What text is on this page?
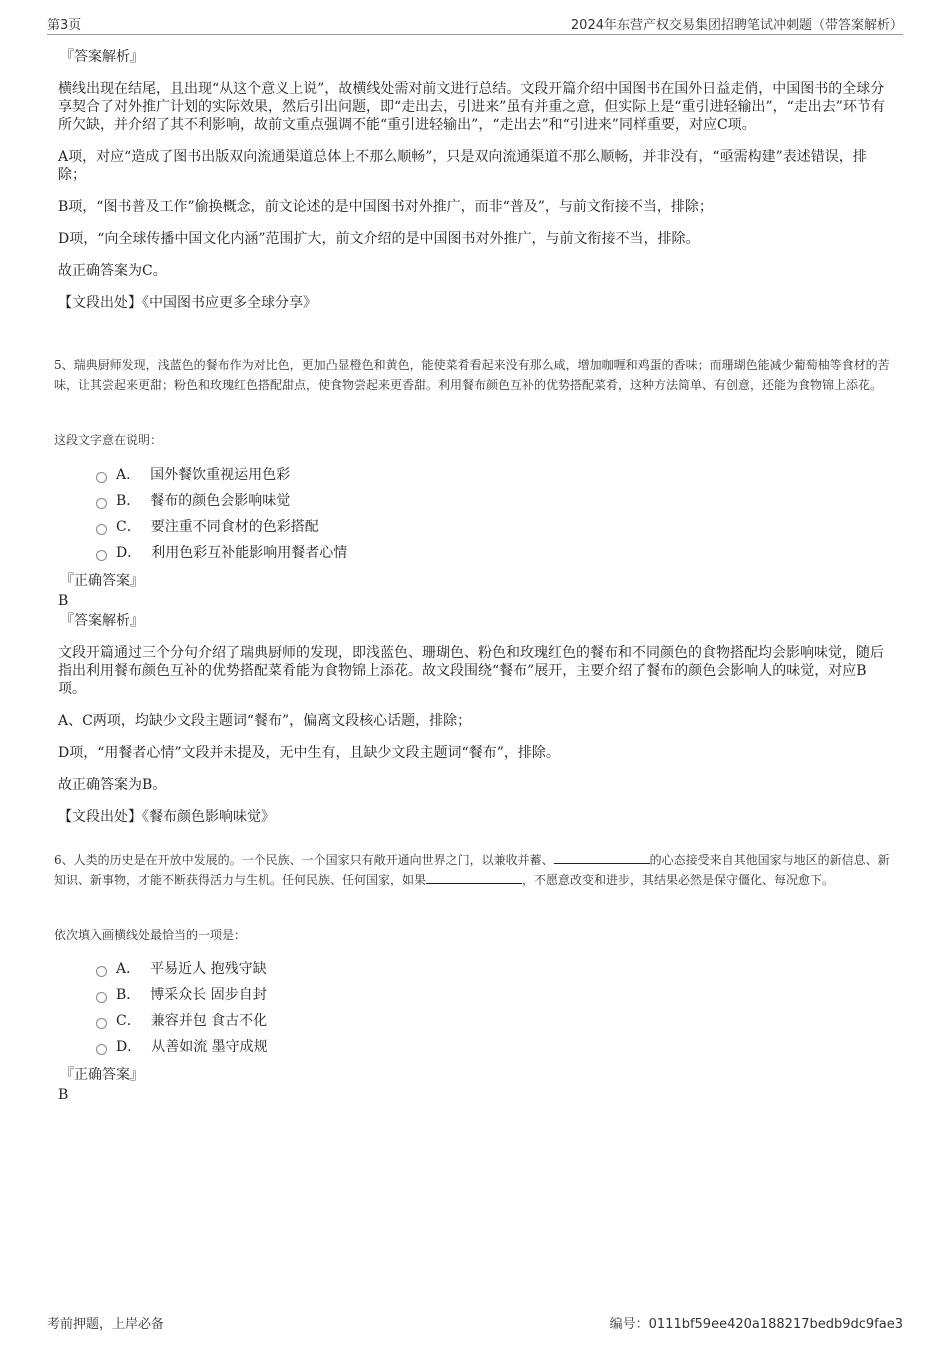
第3页	2024年东营产权交易集团招聘笔试冲刺题（带答案解析）

『答案解析』

横线出现在结尾，且出现“从这个意义上说”，故横线处需对前文进行总结。文段开篇介绍中国图书在国外日益走俏，中国图书的全球分享契合了对外推广计划的实际效果，然后引出问题，即“走出去，引进来”虽有并重之意，但实际上是“重引进轻输出”，“走出去”环节有所欠缺，并介绍了其不利影响，故前文重点强调不能“重引进轻输出”，“走出去”和“引进来”同样重要，对应C项。

A项，对应“造成了图书出版双向流通渠道总体上不那么顺畅”，只是双向流通渠道不那么顺畅，并非没有，“亟需构建”表述错误，排除；

B项，“图书普及工作”偷换概念，前文论述的是中国图书对外推广，而非“普及”，与前文衔接不当，排除；

D项，“向全球传播中国文化内涵”范围扩大，前文介绍的是中国图书对外推广，与前文衔接不当，排除。

故正确答案为C。

【文段出处】《中国图书应更多全球分享》

5、瑞典厨师发现，浅蓝色的餐布作为对比色，更加凸显橙色和黄色，能使菜肴看起来没有那么咸，增加咖喱和鸡蛋的香味；而珊瑚色能减少葡萄柚等食材的苦味，让其尝起来更甜；粉色和玫瑰红色搭配甜点，使食物尝起来更香甜。利用餐布颜色互补的优势搭配菜肴，这种方法简单、有创意，还能为食物锦上添花。

这段文字意在说明：

A． 国外餐饮重视运用色彩
B． 餐布的颜色会影响味觉
C． 要注重不同食材的色彩搭配
D． 利用色彩互补能影响用餐者心情

『正确答案』

B

『答案解析』

文段开篇通过三个分句介绍了瑞典厨师的发现，即浅蓝色、珊瑚色、粉色和玫瑰红色的餐布和不同颜色的食物搭配均会影响味觉，随后指出利用餐布颜色互补的优势搭配菜肴能为食物锦上添花。故文段围绕“餐布”展开，主要介绍了餐布的颜色会影响人的味觉，对应B项。

A、C两项，均缺少文段主题词“餐布”，偏离文段核心话题，排除；

D项，“用餐者心情”文段并未提及，无中生有，且缺少文段主题词“餐布”，排除。

故正确答案为B。

【文段出处】《餐布颜色影响味觉》

6、人类的历史是在开放中发展的。一个民族、一个国家只有敞开通向世界之门，以兼收并蓄、	的心态接受来自其他国家与地区的新信息、新知识、新事物，才能不断获得活力与生机。任何民族、任何国家，如果	，不愿意改变和进步，其结果必然是保守僵化、每况愈下。

依次填入画横线处最恰当的一项是：

A． 平易近人 抱残守缺
B． 博采众长 固步自封
C． 兼容并包 食古不化
D． 从善如流 墨守成规

『正确答案』

B

考前押题，上岸必备	编号：0111bf59ee420a188217bedb9dc9fae3
